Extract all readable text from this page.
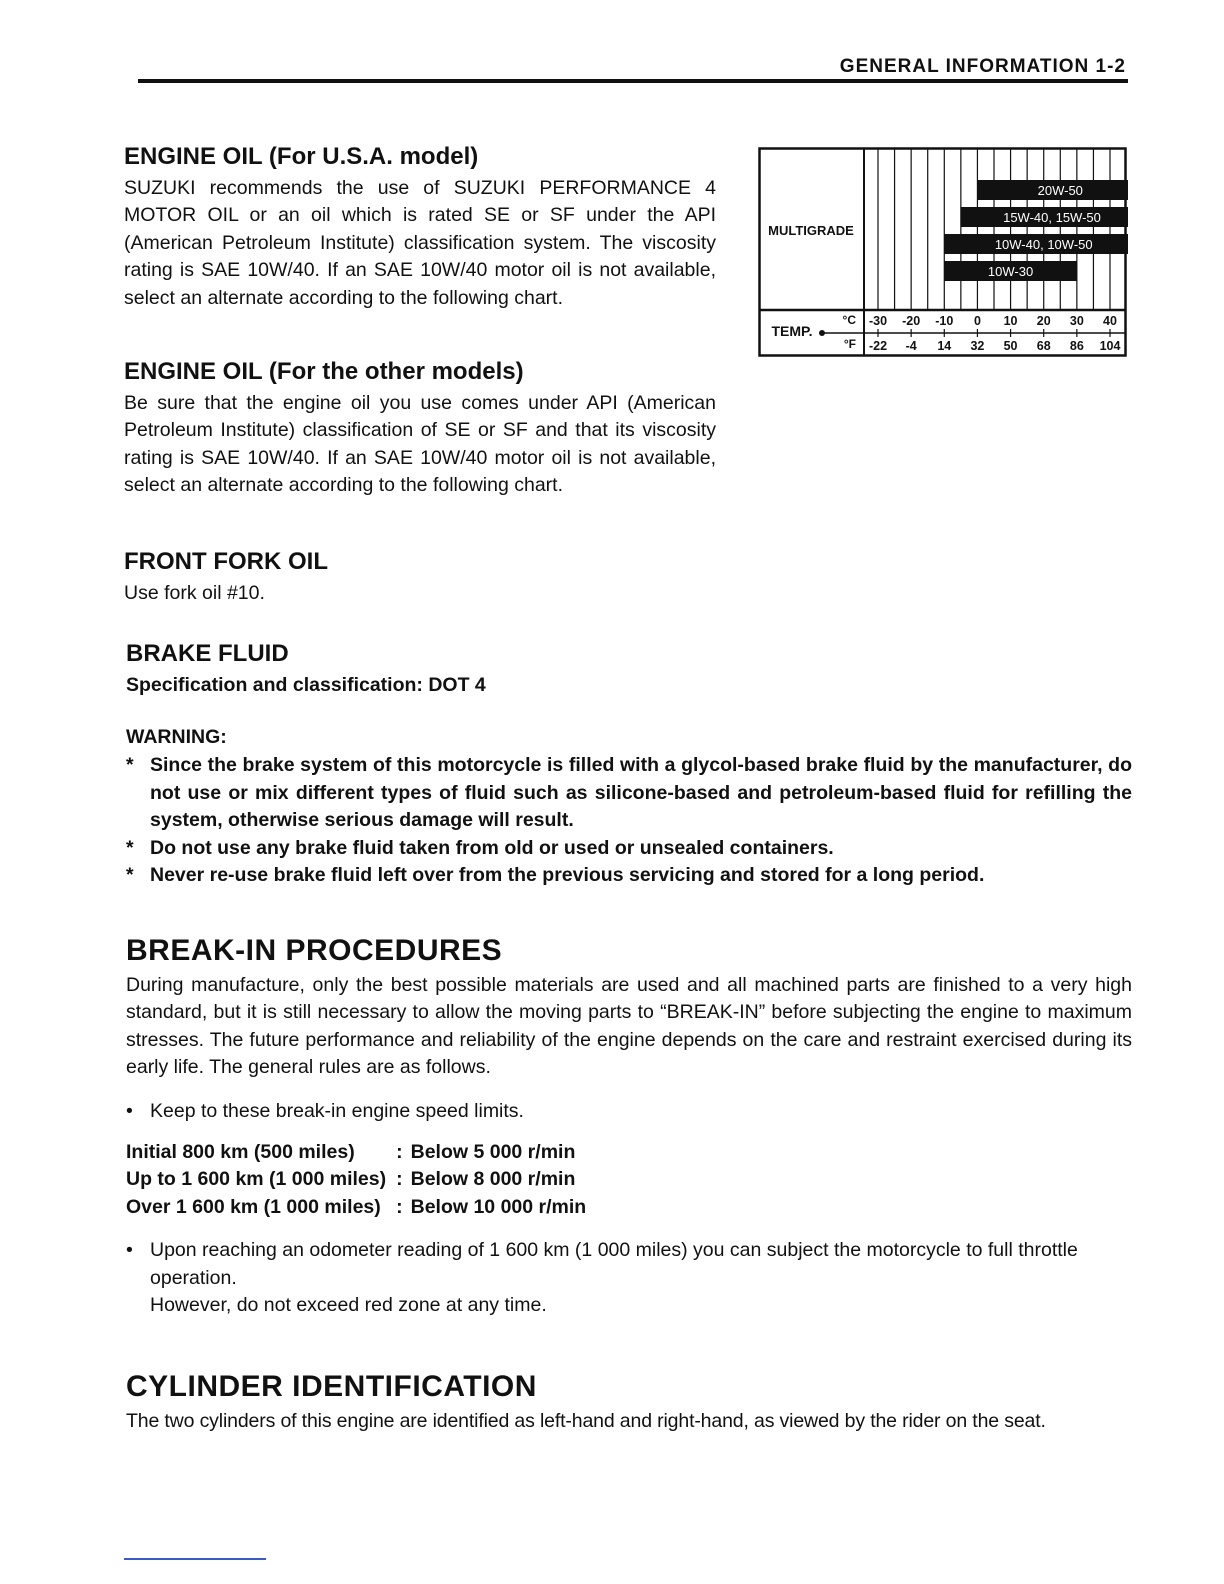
GENERAL INFORMATION 1-2
ENGINE OIL (For U.S.A. model)

SUZUKI recommends the use of SUZUKI PERFORMANCE 4 MOTOR OIL or an oil which is rated SE or SF under the API (American Petroleum Institute) classification system. The viscosity rating is SAE 10W/40. If an SAE 10W/40 motor oil is not available, select an alternate according to the following chart.

ENGINE OIL (For the other models)

Be sure that the engine oil you use comes under API (American Petroleum Institute) classification of SE or SF and that its viscosity rating is SAE 10W/40. If an SAE 10W/40 motor oil is not available, select an alternate according to the following chart.

MULTIGRADE
TEMP.
°C
°F
20W-50
15W-40, 15W-50
10W-40, 10W-50
10W-30
-30
-22
-20
-4
-10
14
0
32
10
50
20
68
30
86
40
104
FRONT FORK OIL

Use fork oil #10.

BRAKE FLUID
Specification and classification: DOT 4
WARNING:
* Since the brake system of this motorcycle is filled with a glycol-based brake fluid by the manufacturer, do not use or mix different types of fluid such as silicone-based and petroleum-based fluid for refilling the system, otherwise serious damage will result.
* Do not use any brake fluid taken from old or used or unsealed containers.
* Never re-use brake fluid left over from the previous servicing and stored for a long period.
BREAK-IN PROCEDURES

During manufacture, only the best possible materials are used and all machined parts are finished to a very high standard, but it is still necessary to allow the moving parts to “BREAK-IN” before subjecting the engine to maximum stresses. The future performance and reliability of the engine depends on the care and restraint exercised during its early life. The general rules are as follows.

• Keep to these break-in engine speed limits.
Initial 800 km (500 miles)	:	Below 5 000 r/min
Up to 1 600 km (1 000 miles)	:	Below 8 000 r/min
Over 1 600 km (1 000 miles)	:	Below 10 000 r/min
• Upon reaching an odometer reading of 1 600 km (1 000 miles) you can subject the motorcycle to full throttle operation.
However, do not exceed red zone at any time.
CYLINDER IDENTIFICATION

The two cylinders of this engine are identified as left-hand and right-hand, as viewed by the rider on the seat.
